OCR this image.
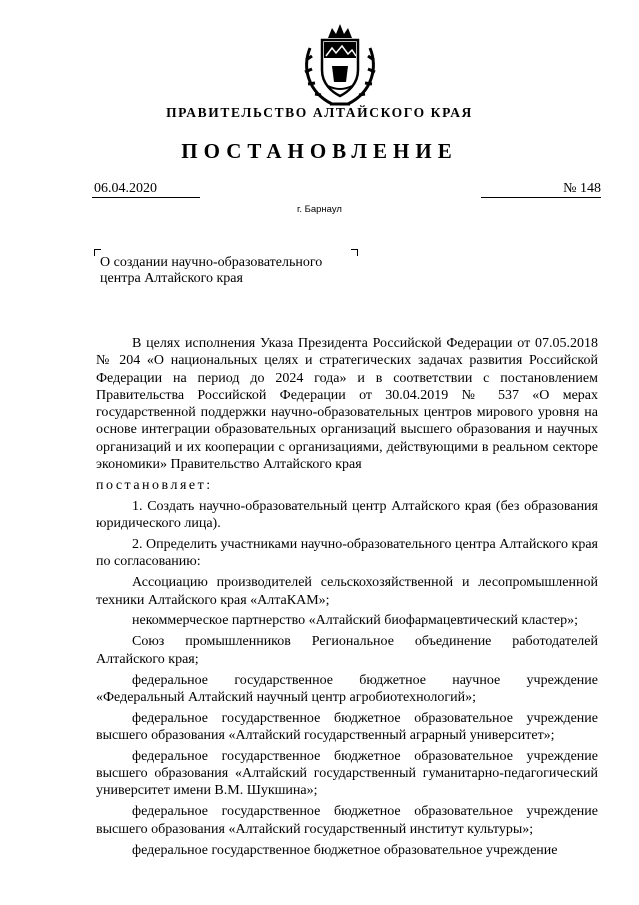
ПРАВИТЕЛЬСТВО АЛТАЙСКОГО КРАЯ
ПОСТАНОВЛЕНИЕ
06.04.2020	№ 148
г. Барнаул
О создании научно-образовательного
центра Алтайского края

В целях исполнения Указа Президента Российской Федерации от 07.05.2018 № 204 «О национальных целях и стратегических задачах развития Российской Федерации на период до 2024 года» и в соответствии с постановлением Правительства Российской Федерации от 30.04.2019 № 537 «О мерах государственной поддержки научно-образовательных центров мирового уровня на основе интеграции образовательных организаций высшего образования и научных организаций и их кооперации с организациями, действующими в реальном секторе экономики» Правительство Алтайского края

постановляет:

1. Создать научно-образовательный центр Алтайского края (без образования юридического лица).

2. Определить участниками научно-образовательного центра Алтайского края по согласованию:

Ассоциацию производителей сельскохозяйственной и лесопромышленной техники Алтайского края «АлтаКАМ»;

некоммерческое партнерство «Алтайский биофармацевтический кластер»;

Союз промышленников Региональное объединение работодателей Алтайского края;

федеральное государственное бюджетное научное учреждение «Федеральный Алтайский научный центр агробиотехнологий»;

федеральное государственное бюджетное образовательное учреждение высшего образования «Алтайский государственный аграрный университет»;

федеральное государственное бюджетное образовательное учреждение высшего образования «Алтайский государственный гуманитарно-педагогический университет имени В.М. Шукшина»;

федеральное государственное бюджетное образовательное учреждение высшего образования «Алтайский государственный институт культуры»;

федеральное государственное бюджетное образовательное учреждение
